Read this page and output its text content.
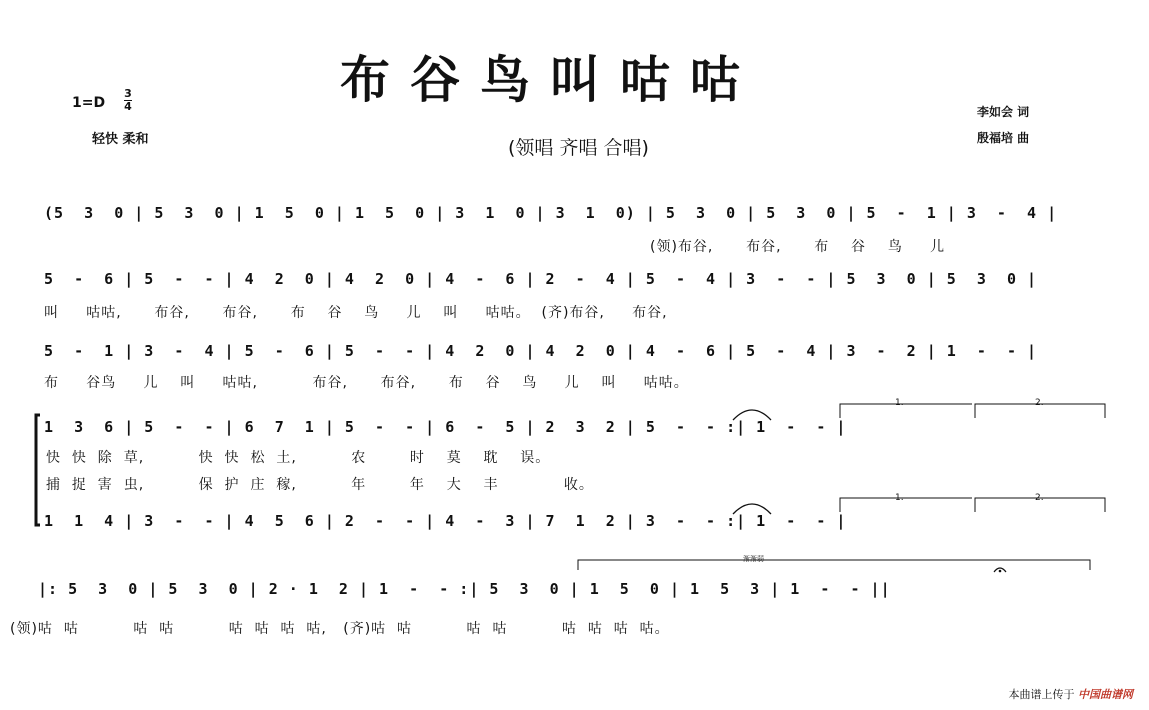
布谷鸟叫咕咕
(领唱 齐唱 合唱)
1=D
3
4
轻快 柔和
李如会 词
殷福培 曲
(5  3  0 | 5  3  0 | 1  5  0 | 1  5  0 | 3  1  0 | 3  1  0) | 5  3  0 | 5  3  0 | 5  -  1 | 3  -  4 |
(领)布谷,      布谷,      布    谷    鸟     儿
5  -  6 | 5  -  - | 4  2  0 | 4  2  0 | 4  -  6 | 2  -  4 | 5  -  4 | 3  -  - | 5  3  0 | 5  3  0 |
叫     咕咕,      布谷,      布谷,      布    谷    鸟     儿    叫     咕咕。  (齐)布谷,     布谷,
5  -  1 | 3  -  4 | 5  -  6 | 5  -  - | 4  2  0 | 4  2  0 | 4  -  6 | 5  -  4 | 3  -  2 | 1  -  - |
布     谷鸟     儿    叫     咕咕,          布谷,      布谷,      布    谷    鸟     儿    叫     咕咕。
1  3  6 | 5  -  - | 6  7  1 | 5  -  - | 6  -  5 | 2  3  2 | 5  -  - :| 1  -  - |
快  快  除  草,          快  快  松  土,          农        时    莫    耽    误。
捕  捉  害  虫,          保  护  庄  稼,          年        年    大    丰            收。
1  1  4 | 3  -  - | 4  5  6 | 2  -  - | 4  -  3 | 7  1  2 | 3  -  - :| 1  -  - |
1.	2.
1.	2.
渐渐弱
|: 5  3  0 | 5  3  0 | 2 · 1  2 | 1  -  - :| 5  3  0 | 1  5  0 | 1  5  3 | 1  -  - ||
(领)咕  咕          咕  咕          咕  咕  咕  咕,   (齐)咕  咕          咕  咕          咕  咕  咕  咕。
本曲谱上传于 中国曲谱网
